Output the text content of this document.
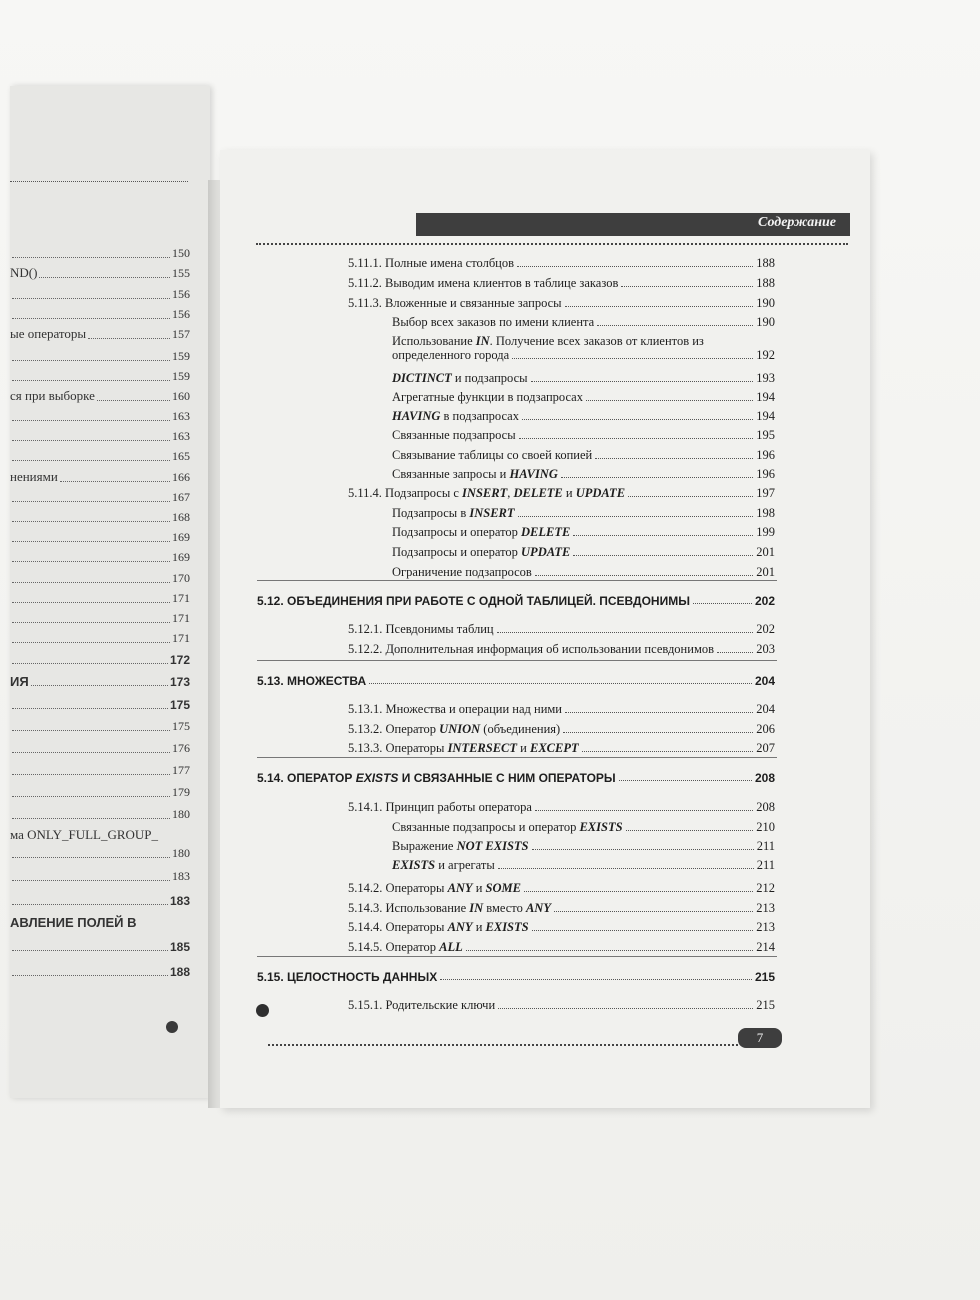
150
ND()	155
156
156
ые операторы	157
159
159
ся при выборке	160
163
163
165
нениями	166
167
168
169
169
170
171
171
171
172
ИЯ	173
175
175
176
177
179
180
ма ONLY_FULL_GROUP_
180
183
183
АВЛЕНИЕ ПОЛЕЙ В
185
188
Содержание
5.11.1. Полные имена столбцов	188
5.11.2. Выводим имена клиентов в таблице заказов	188
5.11.3. Вложенные и связанные запросы	190
Выбор всех заказов по имени клиента	190
Использование IN. Получение всех заказов от клиентов из
определенного города	192
DICTINCT и подзапросы	193
Агрегатные функции в подзапросах	194
HAVING в подзапросах	194
Связанные подзапросы	195
Связывание таблицы со своей копией	196
Связанные запросы и HAVING	196
5.11.4. Подзапросы с INSERT, DELETE и UPDATE	197
Подзапросы в INSERT	198
Подзапросы и оператор DELETE	199
Подзапросы и оператор UPDATE	201
Ограничение подзапросов	201
5.12. ОБЪЕДИНЕНИЯ ПРИ РАБОТЕ С ОДНОЙ ТАБЛИЦЕЙ. ПСЕВДОНИМЫ	202
5.12.1. Псевдонимы таблиц	202
5.12.2. Дополнительная информация об использовании псевдонимов	203
5.13. МНОЖЕСТВА	204
5.13.1. Множества и операции над ними	204
5.13.2. Оператор UNION (объединения)	206
5.13.3. Операторы INTERSECT и EXCEPT	207
5.14. ОПЕРАТОР EXISTS И СВЯЗАННЫЕ С НИМ ОПЕРАТОРЫ	208
5.14.1. Принцип работы оператора	208
Связанные подзапросы и оператор EXISTS	210
Выражение NOT EXISTS	211
EXISTS и агрегаты	211
5.14.2. Операторы ANY и SOME	212
5.14.3. Использование IN вместо ANY	213
5.14.4. Операторы ANY и EXISTS	213
5.14.5. Оператор ALL	214
5.15. ЦЕЛОСТНОСТЬ ДАННЫХ	215
5.15.1. Родительские ключи	215
7
